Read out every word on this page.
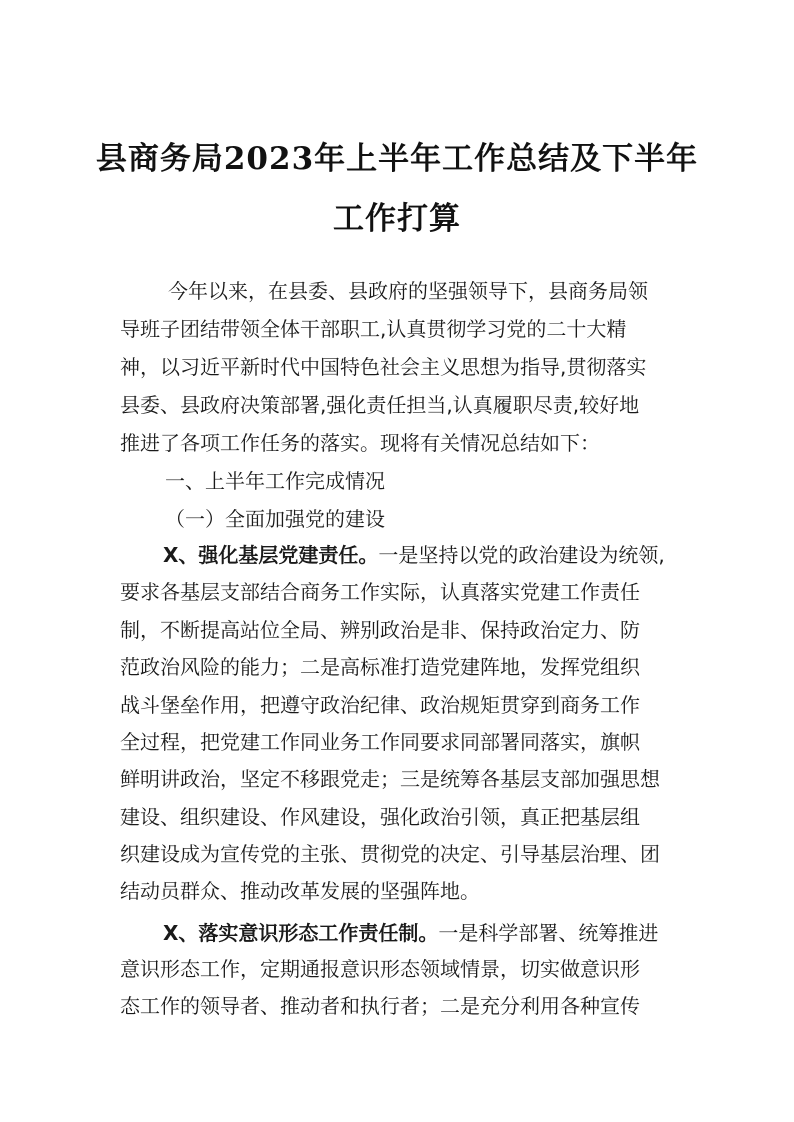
县商务局2023年上半年工作总结及下半年
工作打算
今年以来，在县委、县政府的坚强领导下，县商务局领
导班子团结带领全体干部职工,认真贯彻学习党的二十大精
神，以习近平新时代中国特色社会主义思想为指导,贯彻落实
县委、县政府决策部署,强化责任担当,认真履职尽责,较好地
推进了各项工作任务的落实。现将有关情况总结如下：
一、上半年工作完成情况
（一）全面加强党的建设
X、强化基层党建责任。一是坚持以党的政治建设为统领,
要求各基层支部结合商务工作实际，认真落实党建工作责任
制，不断提高站位全局、辨别政治是非、保持政治定力、防
范政治风险的能力；二是高标准打造党建阵地，发挥党组织
战斗堡垒作用，把遵守政治纪律、政治规矩贯穿到商务工作
全过程，把党建工作同业务工作同要求同部署同落实，旗帜
鲜明讲政治，坚定不移跟党走；三是统筹各基层支部加强思想
建设、组织建设、作风建设，强化政治引领，真正把基层组
织建设成为宣传党的主张、贯彻党的决定、引导基层治理、团
结动员群众、推动改革发展的坚强阵地。
X、落实意识形态工作责任制。一是科学部署、统筹推进
意识形态工作，定期通报意识形态领域情景，切实做意识形
态工作的领导者、推动者和执行者；二是充分利用各种宣传
